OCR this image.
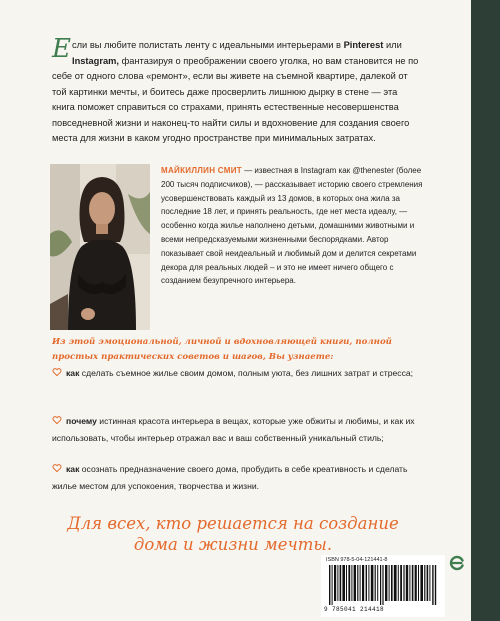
Если вы любите полистать ленту с идеальными интерьерами в Pinterest или Instagram, фантазируя о преображении своего уголка, но вам становится не по себе от одного слова «ремонт», если вы живете на съемной квартире, далекой от той картинки мечты, и боитесь даже просверлить лишнюю дырку в стене — эта книга поможет справиться со страхами, принять естественные несовершенства повседневной жизни и наконец-то найти силы и вдохновение для создания своего места для жизни в каком угодно пространстве при минимальных затратах.
МАЙКИЛЛИН СМИТ — известная в Instagram как @thenester (более 200 тысяч подписчиков), — рассказывает историю своего стремления усовершенствовать каждый из 13 домов, в которых она жила за последние 18 лет, и принять реальность, где нет места идеалу, — особенно когда жилье наполнено детьми, домашними животными и всеми непредсказуемыми жизненными беспорядками. Автор показывает свой неидеальный и любимый дом и делится секретами декора для реальных людей – и это не имеет ничего общего с созданием безупречного интерьера.
Из этой эмоциональной, личной и вдохновляющей книги, полной простых практических советов и шагов, Вы узнаете:
как сделать съемное жилье своим домом, полным уюта, без лишних затрат и стресса;
почему истинная красота интерьера в вещах, которые уже обжиты и любимы, и как их использовать, чтобы интерьер отражал вас и ваш собственный уникальный стиль;
как осознать предназначение своего дома, пробудить в себе креативность и сделать жилье местом для успокоения, творчества и жизни.
Для всех, кто решается на создание
дома и жизни мечты.
ISBN 978-5-04-121441-8
9 785041 214418
